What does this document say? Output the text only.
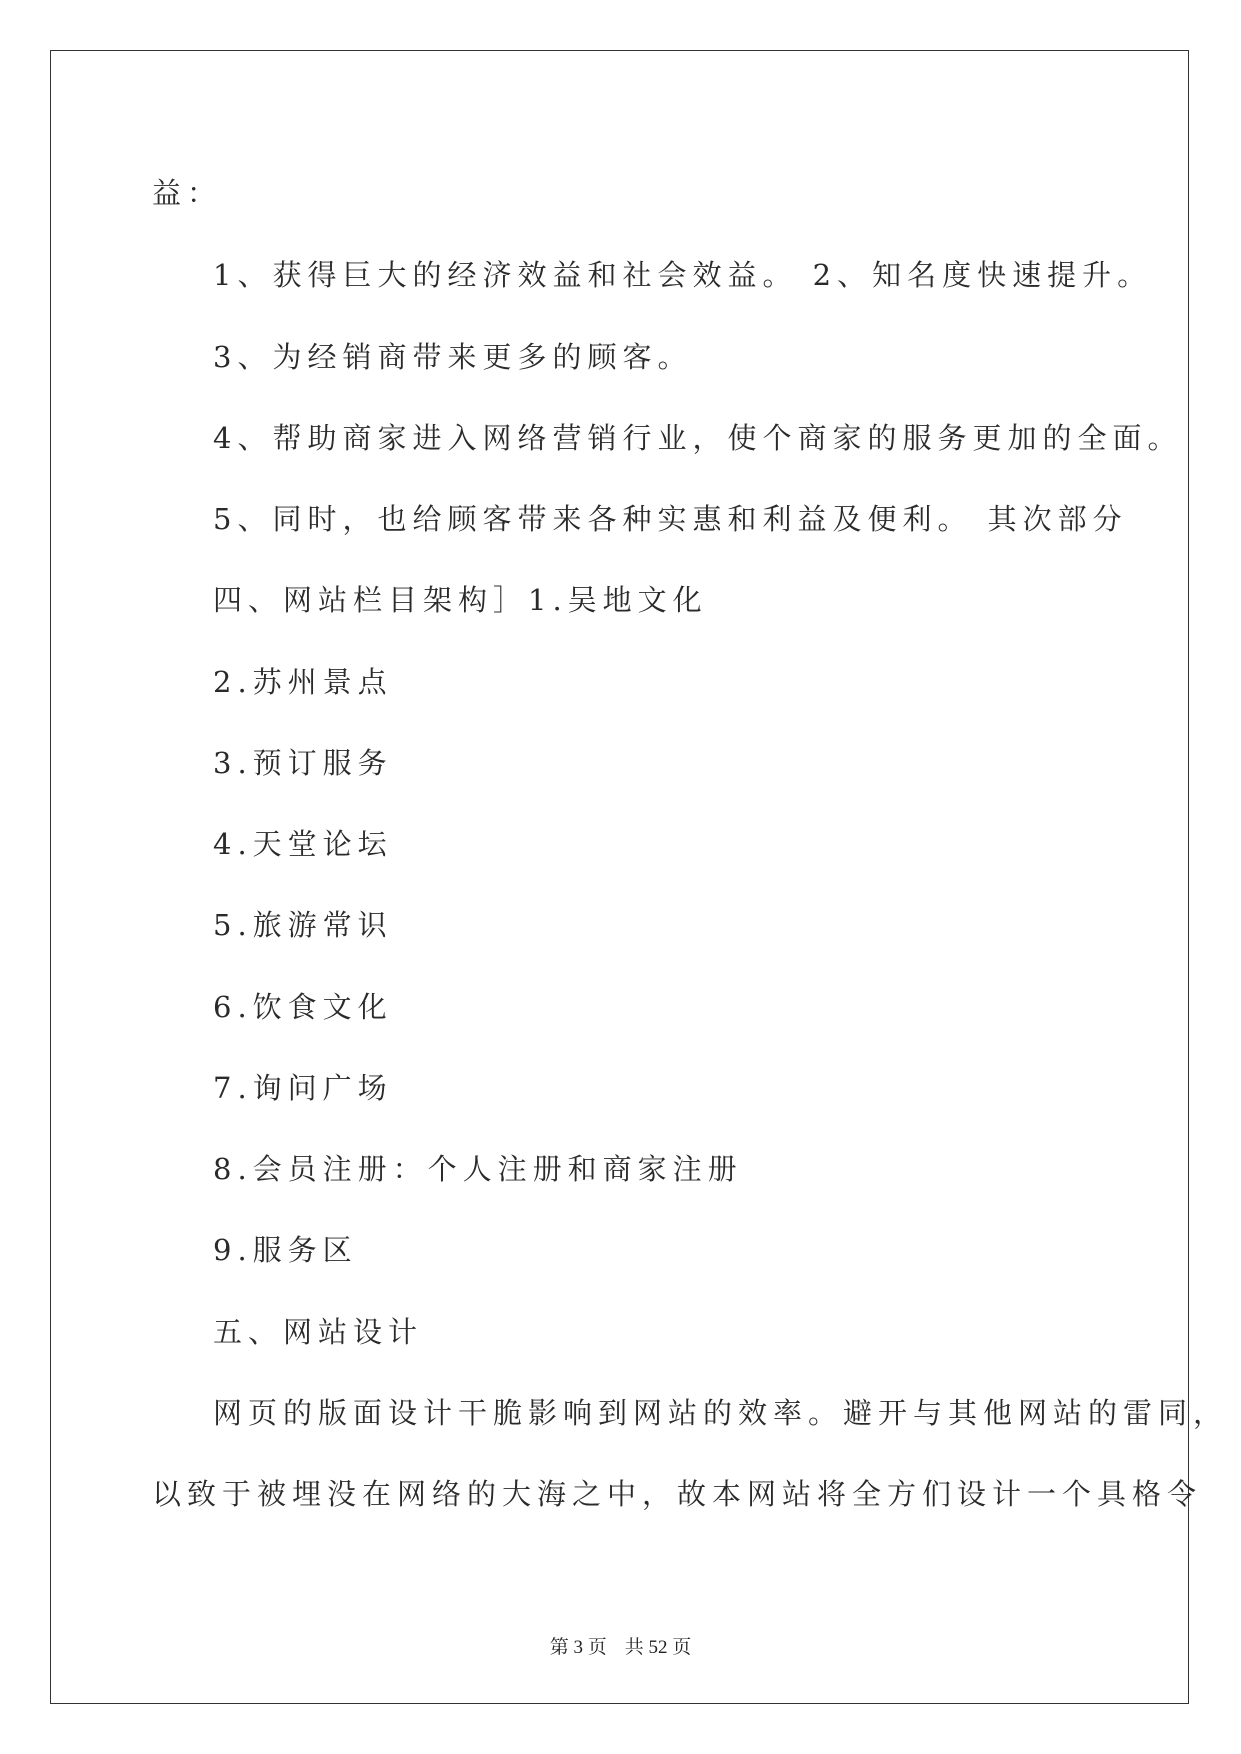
益：
1、获得巨大的经济效益和社会效益。 2、知名度快速提升。
3、为经销商带来更多的顾客。
4、帮助商家进入网络营销行业，使个商家的服务更加的全面。
5、同时，也给顾客带来各种实惠和利益及便利。 其次部分
四、网站栏目架构］1.吴地文化
2.苏州景点
3.预订服务
4.天堂论坛
5.旅游常识
6.饮食文化
7.询问广场
8.会员注册：个人注册和商家注册
9.服务区
五、网站设计
网页的版面设计干脆影响到网站的效率。避开与其他网站的雷同，
以致于被埋没在网络的大海之中，故本网站将全方们设计一个具格令
第 3 页 共 52 页
